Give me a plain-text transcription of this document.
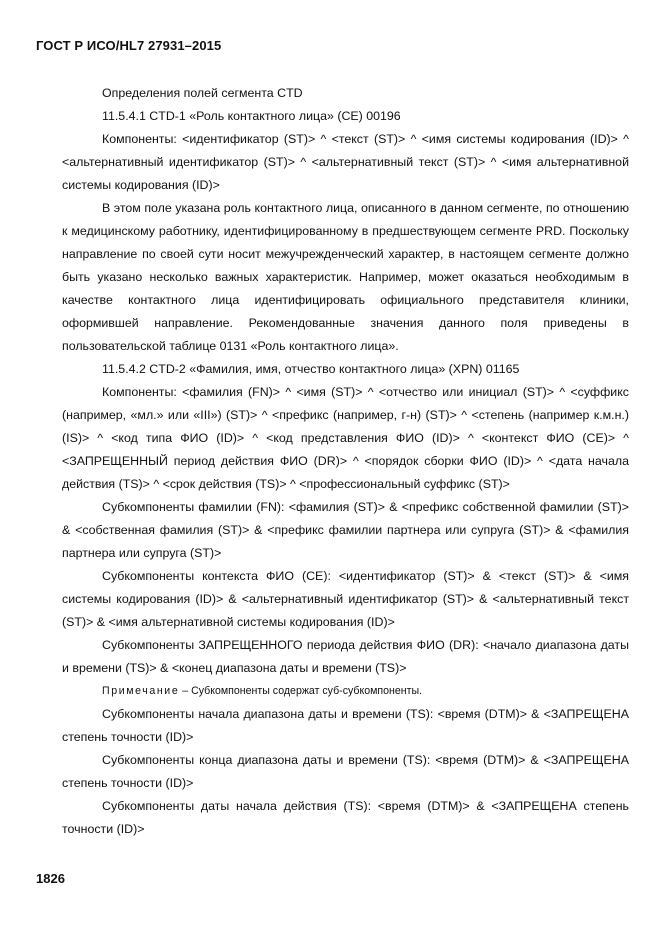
ГОСТ Р ИСО/HL7 27931–2015

Определения полей сегмента CTD

11.5.4.1 CTD-1 «Роль контактного лица» (CE) 00196

Компоненты: <идентификатор (ST)> ^ <текст (ST)> ^ <имя системы кодирования (ID)> ^ <альтернативный идентификатор (ST)> ^ <альтернативный текст (ST)> ^ <имя альтернативной системы кодирования (ID)>

В этом поле указана роль контактного лица, описанного в данном сегменте, по отношению к медицинскому работнику, идентифицированному в предшествующем сегменте PRD. Поскольку направление по своей сути носит межучрежденческий характер, в настоящем сегменте должно быть указано несколько важных характеристик. Например, может оказаться необходимым в качестве контактного лица идентифицировать официального представителя клиники, оформившей направление. Рекомендованные значения данного поля приведены в пользовательской таблице 0131 «Роль контактного лица».

11.5.4.2 CTD-2 «Фамилия, имя, отчество контактного лица» (XPN) 01165

Компоненты: <фамилия (FN)> ^ <имя (ST)> ^ <отчество или инициал (ST)> ^ <суффикс (например, «мл.» или «III») (ST)> ^ <префикс (например, г-н) (ST)> ^ <степень (например к.м.н.) (IS)> ^ <код типа ФИО (ID)> ^ <код представления ФИО (ID)> ^ <контекст ФИО (CE)> ^ <ЗАПРЕЩЕННЫЙ период действия ФИО (DR)> ^ <порядок сборки ФИО (ID)> ^ <дата начала действия (TS)> ^ <срок действия (TS)> ^ <профессиональный суффикс (ST)>

Субкомпоненты фамилии (FN): <фамилия (ST)> & <префикс собственной фамилии (ST)> & <собственная фамилия (ST)> & <префикс фамилии партнера или супруга (ST)> & <фамилия партнера или супруга (ST)>

Субкомпоненты контекста ФИО (CE): <идентификатор (ST)> & <текст (ST)> & <имя системы кодирования (ID)> & <альтернативный идентификатор (ST)> & <альтернативный текст (ST)> & <имя альтернативной системы кодирования (ID)>

Субкомпоненты ЗАПРЕЩЕННОГО периода действия ФИО (DR): <начало диапазона даты и времени (TS)> & <конец диапазона даты и времени (TS)>

Примечание – Субкомпоненты содержат суб-субкомпоненты.

Субкомпоненты начала диапазона даты и времени (TS): <время (DTM)> & <ЗАПРЕЩЕНА степень точности (ID)>

Субкомпоненты конца диапазона даты и времени (TS): <время (DTM)> & <ЗАПРЕЩЕНА степень точности (ID)>

Субкомпоненты даты начала действия (TS): <время (DTM)> & <ЗАПРЕЩЕНА степень точности (ID)>

1826
